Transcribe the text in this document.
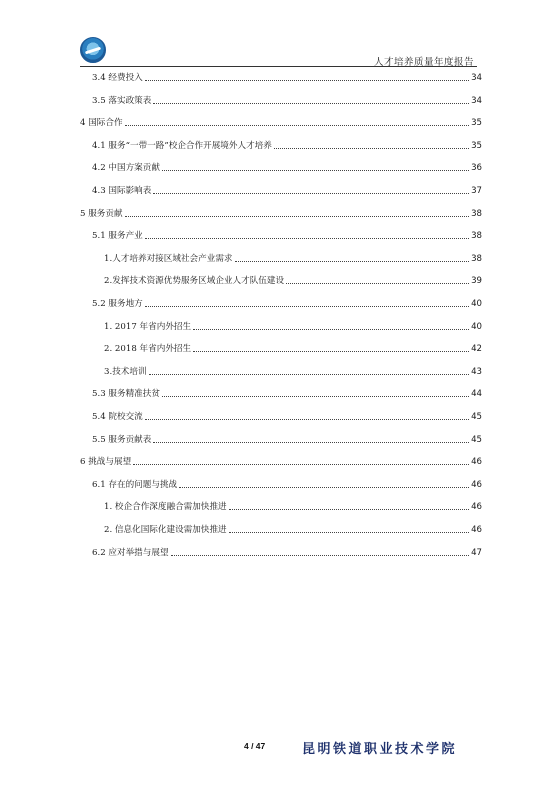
人才培养质量年度报告
3.4 经费投入	34
3.5 落实政策表	34
4 国际合作	35
4.1 服务“一带一路”校企合作开展境外人才培养	35
4.2 中国方案贡献	36
4.3 国际影响表	37
5 服务贡献	38
5.1 服务产业	38
1.人才培养对接区域社会产业需求	38
2.发挥技术资源优势服务区域企业人才队伍建设	39
5.2 服务地方	40
1. 2017 年省内外招生	40
2. 2018 年省内外招生	42
3.技术培训	43
5.3 服务精准扶贫	44
5.4 院校交流	45
5.5 服务贡献表	45
6 挑战与展望	46
6.1 存在的问题与挑战	46
1. 校企合作深度融合需加快推进	46
2. 信息化国际化建设需加快推进	46
6.2 应对举措与展望	47
4 / 47	昆明铁道职业技术学院
